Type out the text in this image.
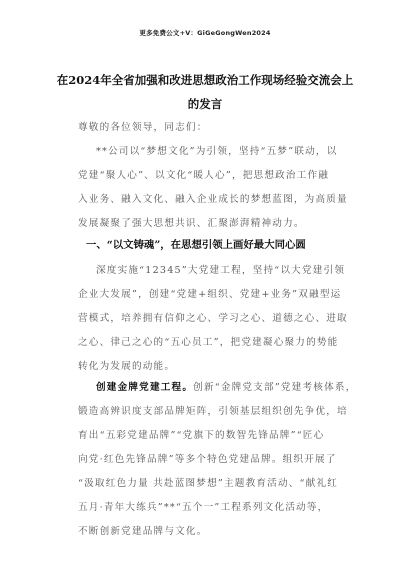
更多免费公文+V：GiGeGongWen2024
在2024年全省加强和改进思想政治工作现场经验交流会上
的发言
尊敬的各位领导，同志们：
**公司以“梦想文化”为引领，坚持“五梦”联动，以
党建“聚人心”、以文化“暖人心”，把思想政治工作融
入业务、融入文化、融入企业成长的梦想蓝图，为高质量
发展凝聚了强大思想共识、汇聚澎湃精神动力。
一、“以文铸魂”，在思想引领上画好最大同心圆
深度实施“12345”大党建工程，坚持“以大党建引领
企业大发展”，创建“党建+组织、党建+业务”双融型运
营模式，培养拥有信仰之心、学习之心、道德之心、进取
之心、律己之心的“五心员工”，把党建凝心聚力的势能
转化为发展的动能。
创建金牌党建工程。创新“金牌党支部”党建考核体系，
锻造高辨识度支部品牌矩阵，引领基层组织创先争优，培
育出“五彩党建品牌”“党旗下的数智先锋品牌”“匠心
向党·红色先锋品牌”等多个特色党建品牌。组织开展了
“汲取红色力量 共赴蓝图梦想”主题教育活动、“献礼红
五月·青年大练兵”**“五个一”工程系列文化活动等，
不断创新党建品牌与文化。
